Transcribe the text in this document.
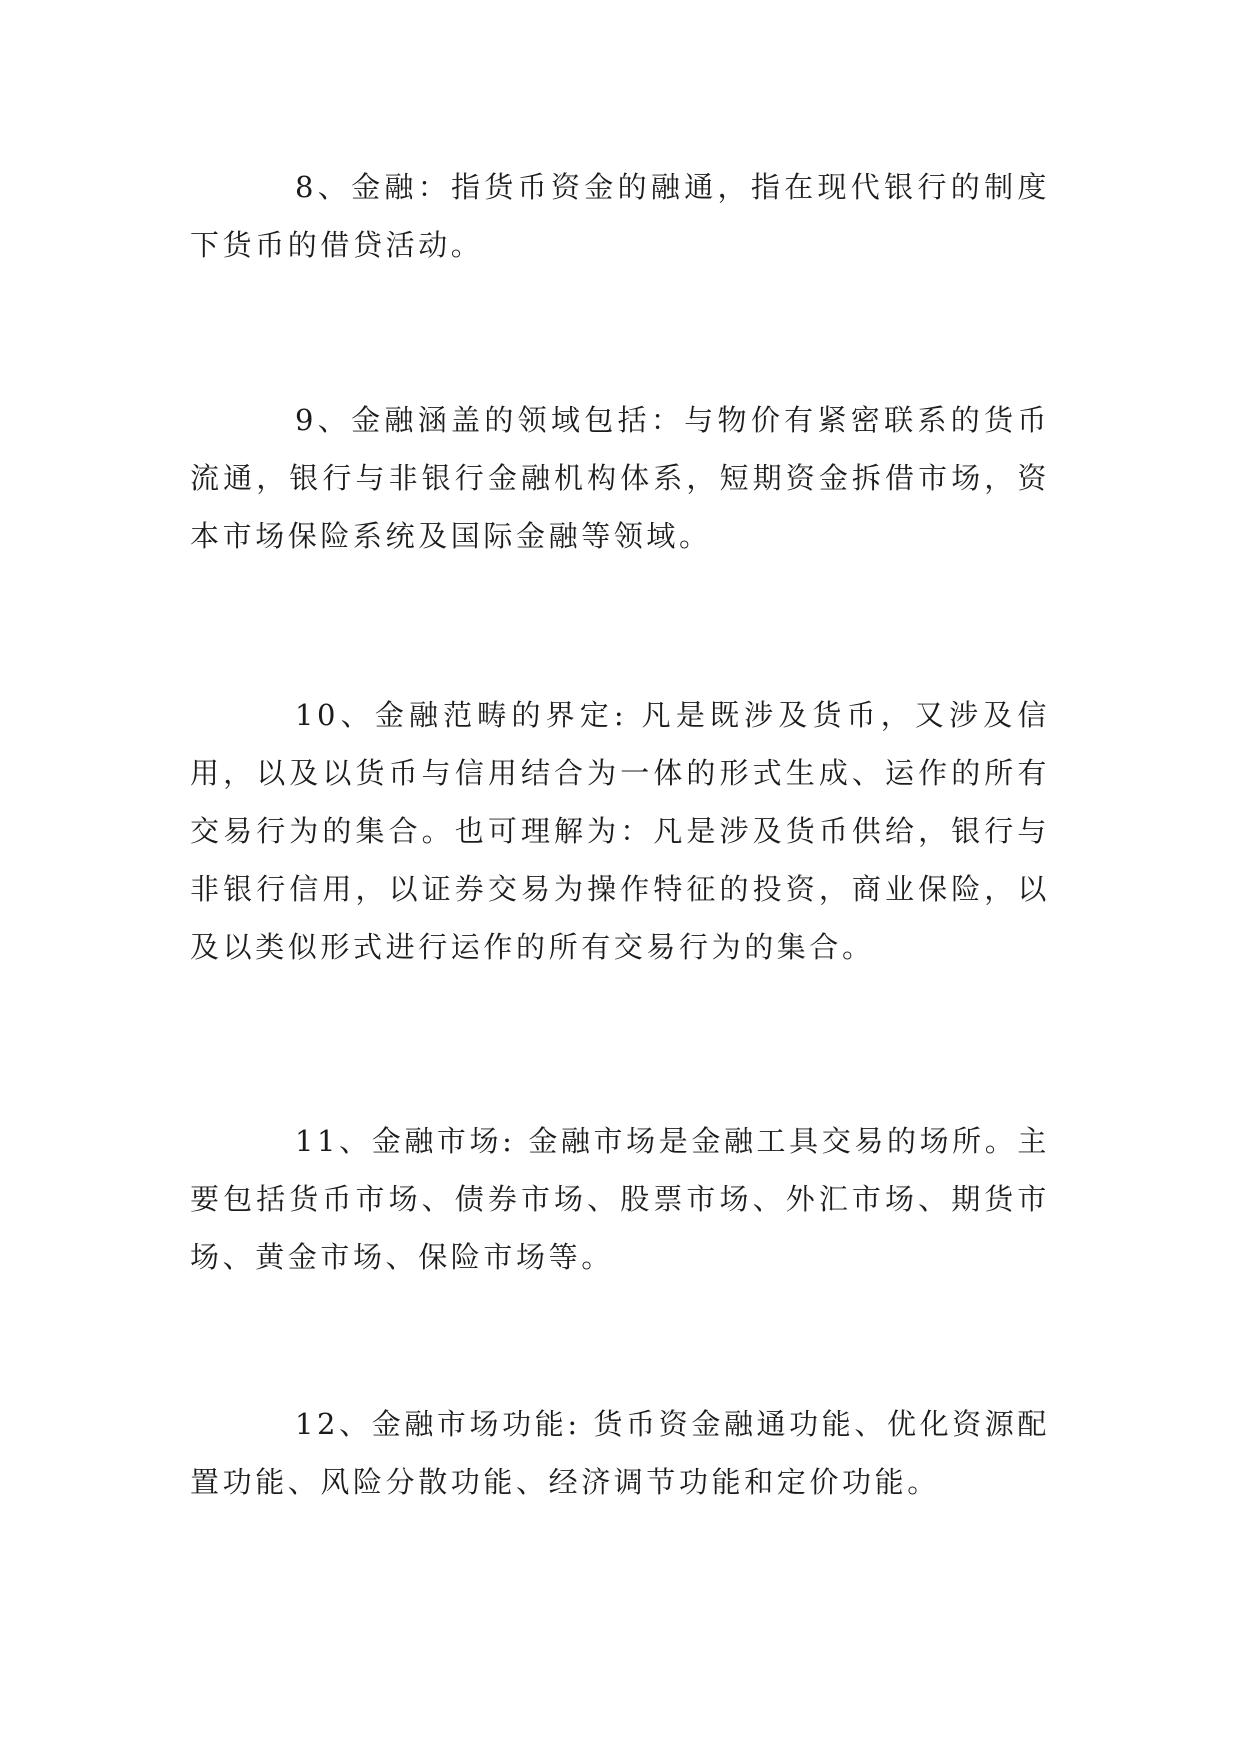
8、金融：指货币资金的融通，指在现代银行的制度下货币的借贷活动。

9、金融涵盖的领域包括：与物价有紧密联系的货币流通，银行与非银行金融机构体系，短期资金拆借市场，资本市场保险系统及国际金融等领域。

10、金融范畴的界定: 凡是既涉及货币，又涉及信用，以及以货币与信用结合为一体的形式生成、运作的所有交易行为的集合。也可理解为：凡是涉及货币供给，银行与非银行信用，以证券交易为操作特征的投资，商业保险，以及以类似形式进行运作的所有交易行为的集合。

11、金融市场: 金融市场是金融工具交易的场所。主要包括货币市场、债券市场、股票市场、外汇市场、期货市场、黄金市场、保险市场等。

12、金融市场功能: 货币资金融通功能、优化资源配置功能、风险分散功能、经济调节功能和定价功能。
